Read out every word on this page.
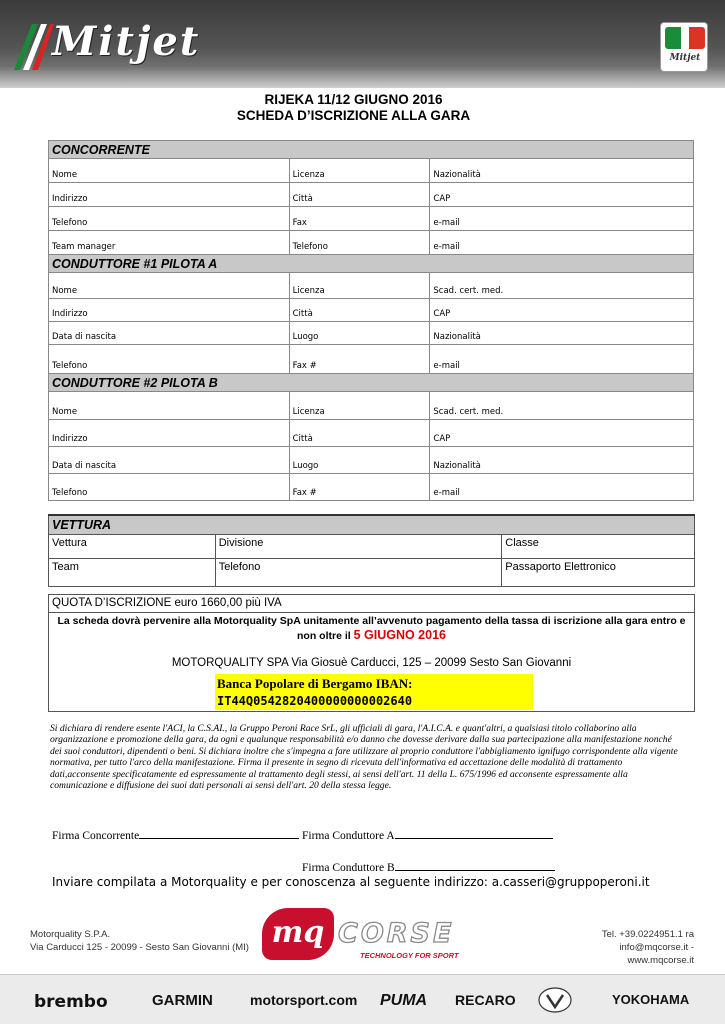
Mitjet	Mitjet
RIJEKA 11/12 GIUGNO 2016
SCHEDA D’ISCRIZIONE ALLA GARA
CONCORRENTE		
Nome	Licenza	Nazionalità
Indirizzo	Città	CAP
Telefono	Fax	e-mail
Team manager	Telefono	e-mail
CONDUTTORE #1 PILOTA A		
Nome	Licenza	Scad. cert. med.
Indirizzo	Città	CAP
Data di nascita	Luogo	Nazionalità
Telefono	Fax #	e-mail
CONDUTTORE #2 PILOTA B		
Nome	Licenza	Scad. cert. med.
Indirizzo	Città	CAP
Data di nascita	Luogo	Nazionalità
Telefono	Fax #	e-mail
VETTURA		
Vettura	Divisione	Classe
Team	Telefono	Passaporto Elettronico
QUOTA D’ISCRIZIONE euro 1660,00 più IVA
La scheda dovrà pervenire alla Motorquality SpA unitamente all’avvenuto pagamento della tassa di iscrizione alla gara entro e non oltre il 5 GIUGNO 2016
MOTORQUALITY SPA Via Giosuè Carducci, 125 – 20099 Sesto San Giovanni
Banca Popolare di Bergamo IBAN:
IT44Q0542820400000000002640
Si dichiara di rendere esente l'ACI, la C.S.AI., la Gruppo Peroni Race SrL, gli ufficiali di gara, l'A.I.C.A. e quant'altri, a qualsiasi titolo collaborino alla organizzazione e promozione della gara, da ogni e qualunque responsabilità e/o danno che dovesse derivare dalla sua partecipazione alla manifestazione nonché dei suoi conduttori, dipendenti o beni. Si dichiara inoltre che s'impegna a fare utilizzare al proprio conduttore l'abbigliamento ignifugo corrispondente alla vigente normativa, per tutto l'arco della manifestazione. Firma il presente in segno di ricevuta dell'informativa ed accettazione delle modalità di trattamento dati,acconsente specificatamente ed espressamente al trattamento degli stessi, ai sensi dell'art. 11 della L. 675/1996 ed acconsente espressamente alla comunicazione e diffusione dei suoi dati personali ai sensi dell'art. 20 della stessa legge.
Firma Concorrente	Firma Conduttore A
Firma Conduttore B
Inviare compilata a Motorquality e per conoscenza al seguente indirizzo: a.casseri@gruppoperoni.it
Motorquality S.P.A.
Via Carducci 125 - 20099 - Sesto San Giovanni (MI) mq CORSE
TECHNOLOGY FOR SPORT
Tel. +39.0224951.1 ra
info@mqcorse.it - www.mqcorse.it
brembo	GARMIN	motorsport.com PUMA RECARO	YOKOHAMA
